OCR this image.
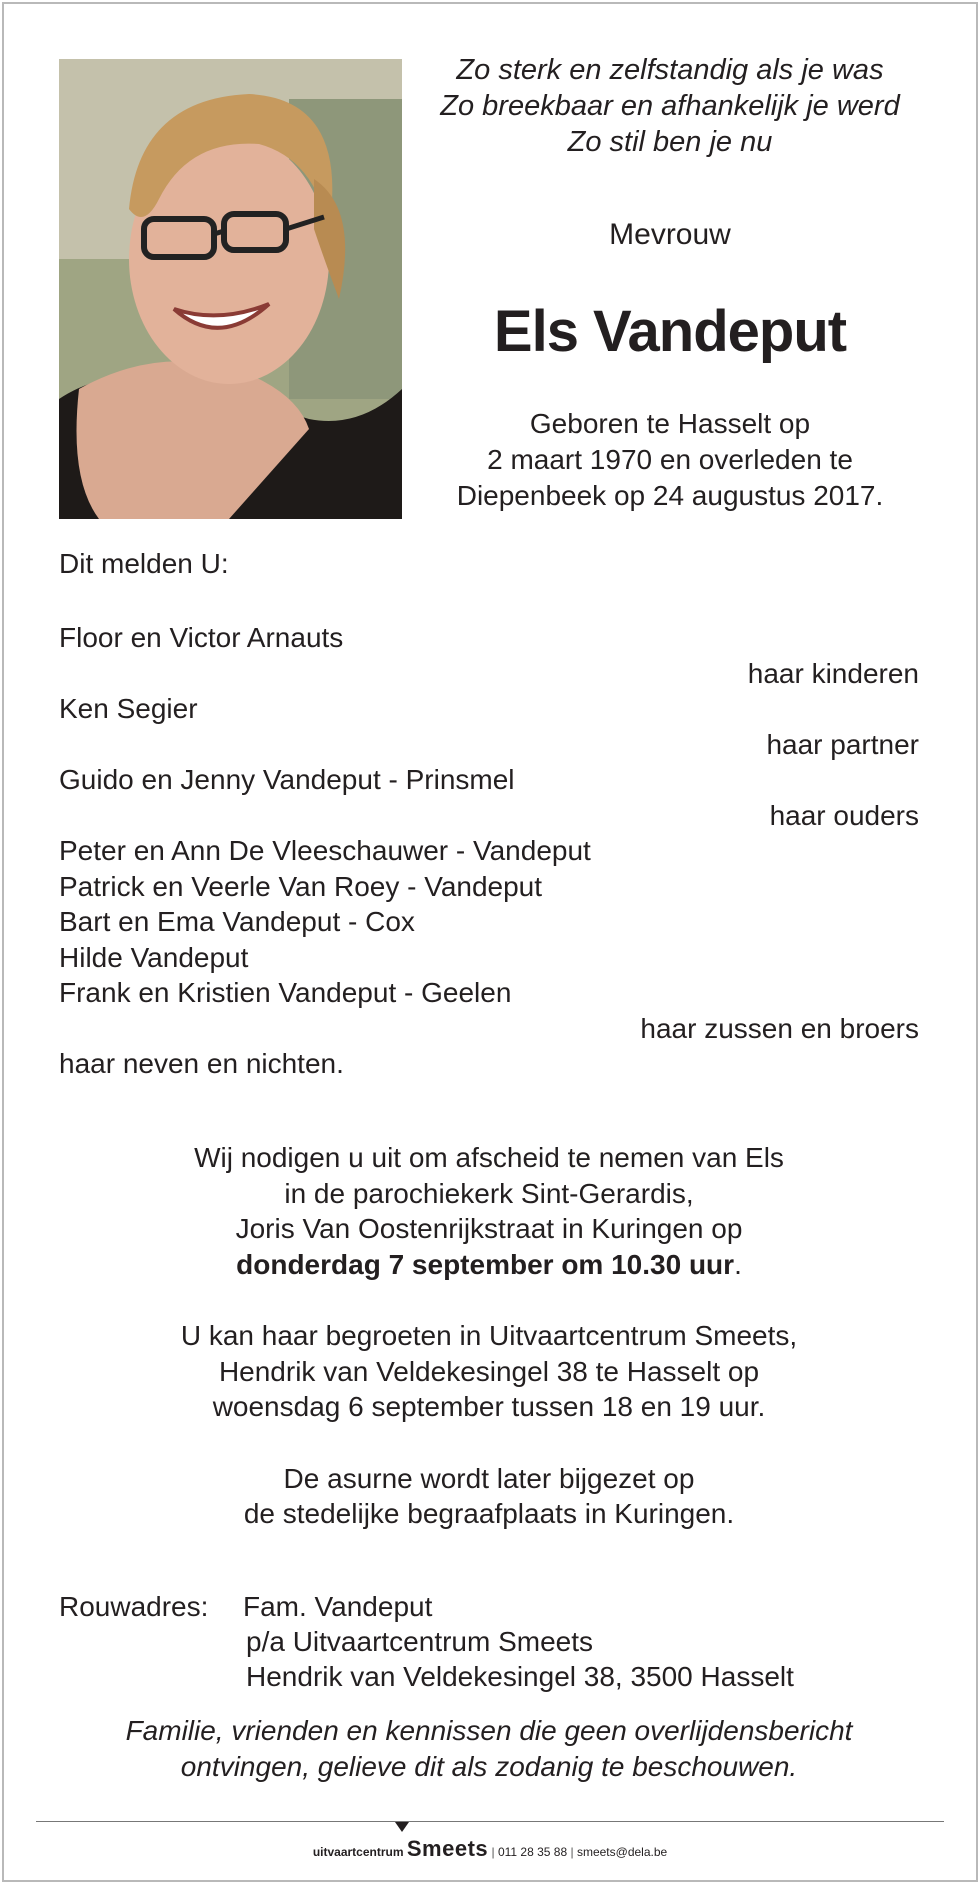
Zo sterk en zelfstandig als je was
Zo breekbaar en afhankelijk je werd
Zo stil ben je nu
Mevrouw
Els Vandeput
Geboren te Hasselt op
2 maart 1970 en overleden te
Diepenbeek op 24 augustus 2017.
Dit melden U:
Floor en Victor Arnauts
haar kinderen
Ken Segier
haar partner
Guido en Jenny Vandeput - Prinsmel
haar ouders
Peter en Ann De Vleeschauwer - Vandeput
Patrick en Veerle Van Roey - Vandeput
Bart en Ema Vandeput - Cox
Hilde Vandeput
Frank en Kristien Vandeput - Geelen
haar zussen en broers
haar neven en nichten.
Wij nodigen u uit om afscheid te nemen van Els
in de parochiekerk Sint-Gerardis,
Joris Van Oostenrijkstraat in Kuringen op
donderdag 7 september om 10.30 uur.
U kan haar begroeten in Uitvaartcentrum Smeets,
Hendrik van Veldekesingel 38 te Hasselt op
woensdag 6 september tussen 18 en 19 uur.
De asurne wordt later bijgezet op
de stedelijke begraafplaats in Kuringen.
Rouwadres:	Fam. Vandeput
p/a Uitvaartcentrum Smeets
Hendrik van Veldekesingel 38, 3500 Hasselt
Familie, vrienden en kennissen die geen overlijdensbericht
ontvingen, gelieve dit als zodanig te beschouwen.
uitvaartcentrum Smeets | 011 28 35 88 | smeets@dela.be
